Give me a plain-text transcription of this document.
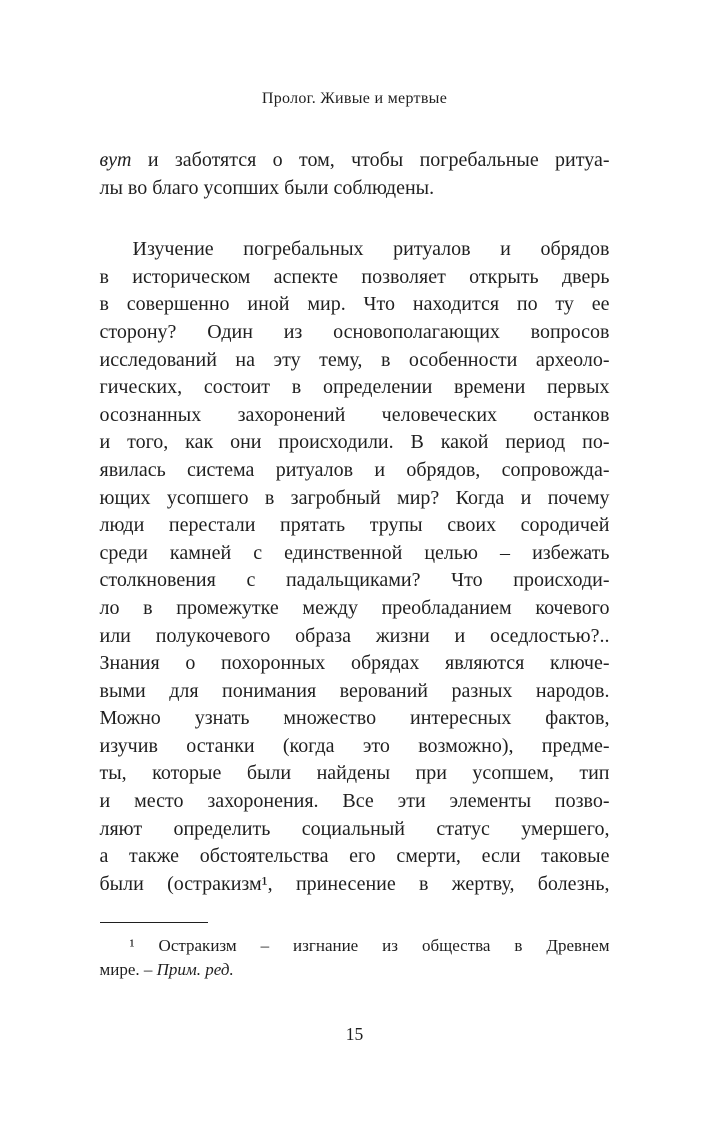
Пролог. Живые и мертвые
вут и заботятся о том, чтобы погребальные ритуа-
лы во благо усопших были соблюдены.
Изучение погребальных ритуалов и обрядов
в историческом аспекте позволяет открыть дверь
в совершенно иной мир. Что находится по ту ее
сторону? Один из основополагающих вопросов
исследований на эту тему, в особенности археоло-
гических, состоит в определении времени первых
осознанных захоронений человеческих останков
и того, как они происходили. В какой период по-
явилась система ритуалов и обрядов, сопровожда-
ющих усопшего в загробный мир? Когда и почему
люди перестали прятать трупы своих сородичей
среди камней с единственной целью – избежать
столкновения с падальщиками? Что происходи-
ло в промежутке между преобладанием кочевого
или полукочевого образа жизни и оседлостью?..
Знания о похоронных обрядах являются ключе-
выми для понимания верований разных народов.
Можно узнать множество интересных фактов,
изучив останки (когда это возможно), предме-
ты, которые были найдены при усопшем, тип
и место захоронения. Все эти элементы позво-
ляют определить социальный статус умершего,
а также обстоятельства его смерти, если таковые
были (остракизм¹, принесение в жертву, болезнь,
¹ Остракизм – изгнание из общества в Древнем
мире. – Прим. ред.
15
